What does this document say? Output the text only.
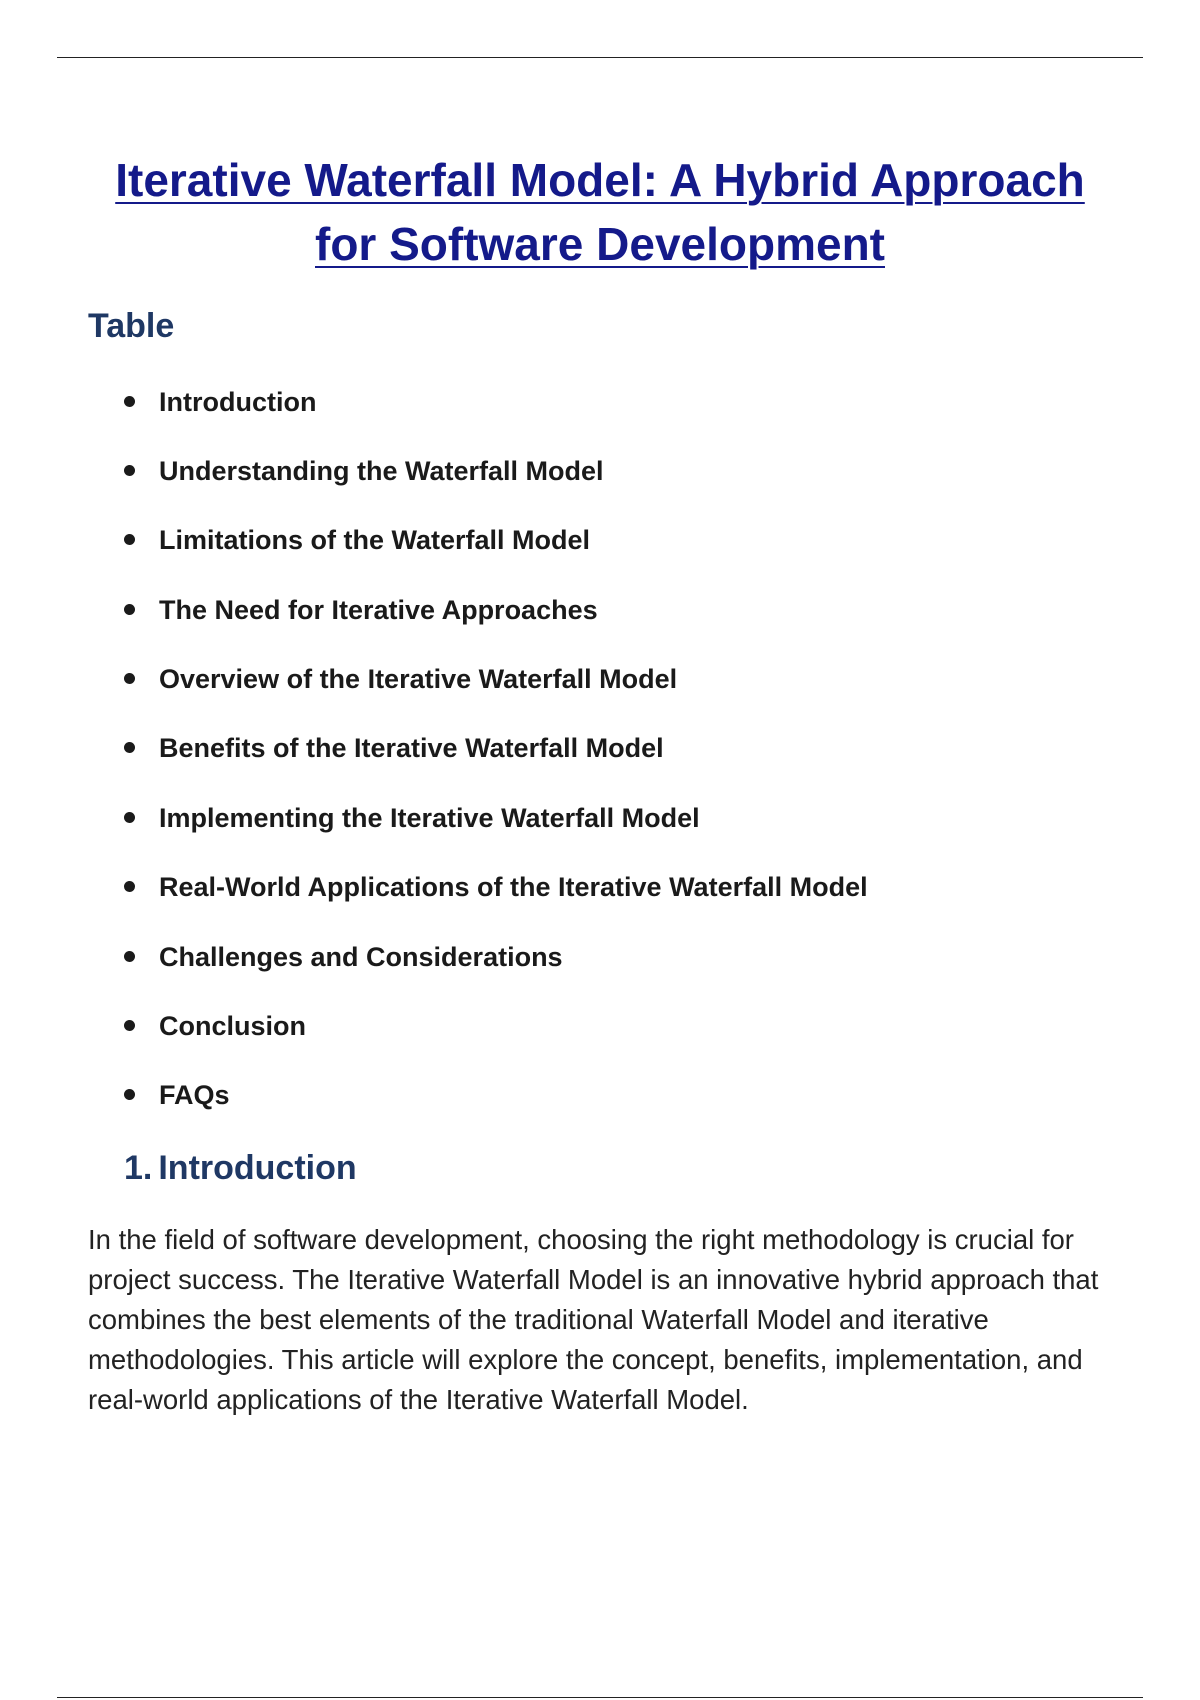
Iterative Waterfall Model: A Hybrid Approach for Software Development
Table
Introduction
Understanding the Waterfall Model
Limitations of the Waterfall Model
The Need for Iterative Approaches
Overview of the Iterative Waterfall Model
Benefits of the Iterative Waterfall Model
Implementing the Iterative Waterfall Model
Real-World Applications of the Iterative Waterfall Model
Challenges and Considerations
Conclusion
FAQs
1. Introduction

In the field of software development, choosing the right methodology is crucial for project success. The Iterative Waterfall Model is an innovative hybrid approach that combines the best elements of the traditional Waterfall Model and iterative methodologies. This article will explore the concept, benefits, implementation, and real-world applications of the Iterative Waterfall Model.
